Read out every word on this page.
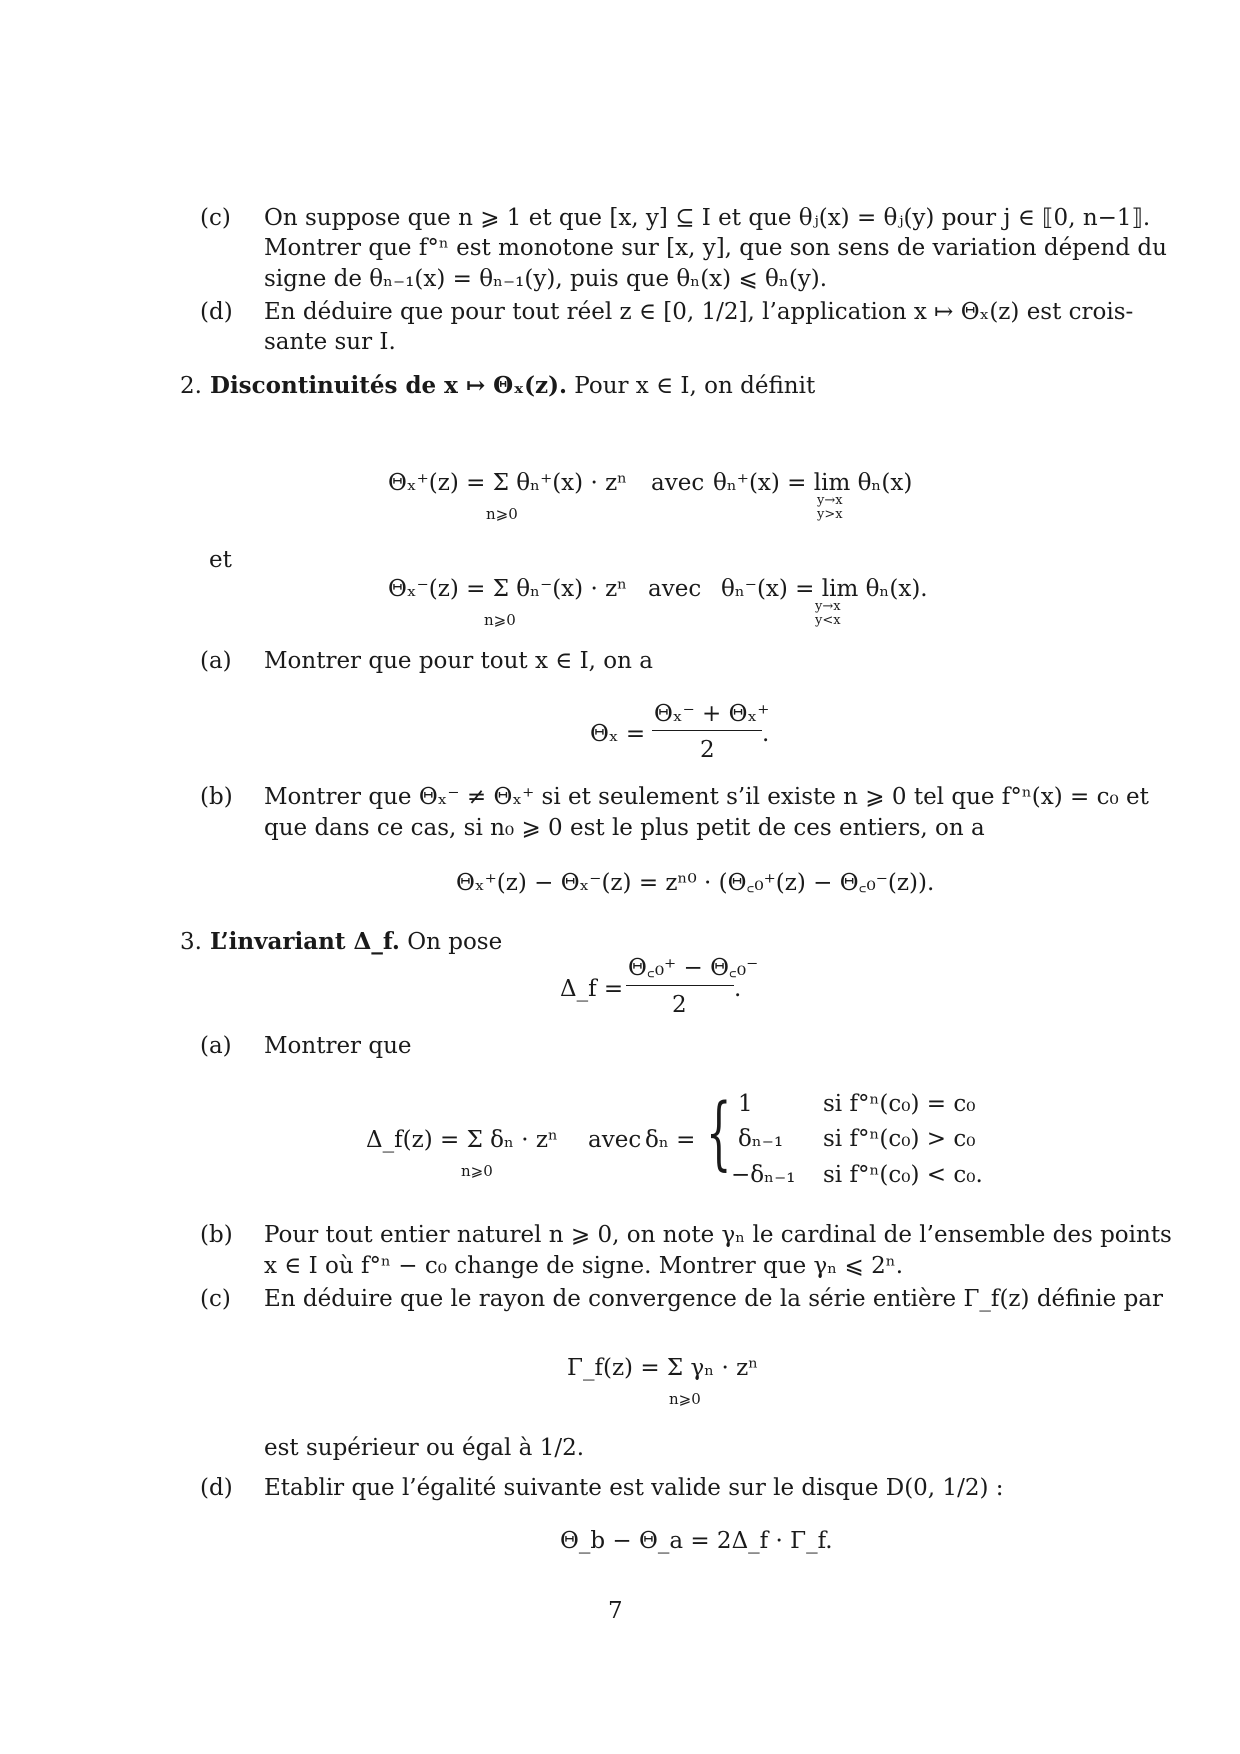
(c) On suppose que n ⩾ 1 et que [x, y] ⊆ I et que θⱼ(x) = θⱼ(y) pour j ∈ ⟦0, n−1⟧.
Montrer que f°ⁿ est monotone sur [x, y], que son sens de variation dépend du
signe de θₙ₋₁(x) = θₙ₋₁(y), puis que θₙ(x) ⩽ θₙ(y).
(d) En déduire que pour tout réel z ∈ [0, 1/2], l’application x ↦ Θₓ(z) est crois-
sante sur I.
2. Discontinuités de x ↦ Θₓ(z). Pour x ∈ I, on définit
Θₓ⁺(z) = Σ θₙ⁺(x) · zⁿ
n⩾0
avec θₙ⁺(x) = lim θₙ(x)
y→x
y>x
et
Θₓ⁻(z) = Σ θₙ⁻(x) · zⁿ
n⩾0
avec θₙ⁻(x) = lim θₙ(x).
y→x
y<x
(a) Montrer que pour tout x ∈ I, on a
Θₓ =
Θₓ⁻ + Θₓ⁺
2
.
(b) Montrer que Θₓ⁻ ≠ Θₓ⁺ si et seulement s’il existe n ⩾ 0 tel que f°ⁿ(x) = c₀ et
que dans ce cas, si n₀ ⩾ 0 est le plus petit de ces entiers, on a
Θₓ⁺(z) − Θₓ⁻(z) = zⁿ⁰ · (Θ꜀₀⁺(z) − Θ꜀₀⁻(z)).
3. L’invariant Δ_f. On pose
Δ_f =
Θ꜀₀⁺ − Θ꜀₀⁻
2
.
(a) Montrer que
Δ_f(z) = Σ δₙ · zⁿ
n⩾0
avec δₙ = { 1	si f°ⁿ(c₀) = c₀
δₙ₋₁ si f°ⁿ(c₀) > c₀
−δₙ₋₁ si f°ⁿ(c₀) < c₀.
(b) Pour tout entier naturel n ⩾ 0, on note γₙ le cardinal de l’ensemble des points
x ∈ I où f°ⁿ − c₀ change de signe. Montrer que γₙ ⩽ 2ⁿ.
(c) En déduire que le rayon de convergence de la série entière Γ_f(z) définie par
Γ_f(z) = Σ γₙ · zⁿ
n⩾0
est supérieur ou égal à 1/2.
(d) Etablir que l’égalité suivante est valide sur le disque D(0, 1/2) :
Θ_b − Θ_a = 2Δ_f · Γ_f.
7
